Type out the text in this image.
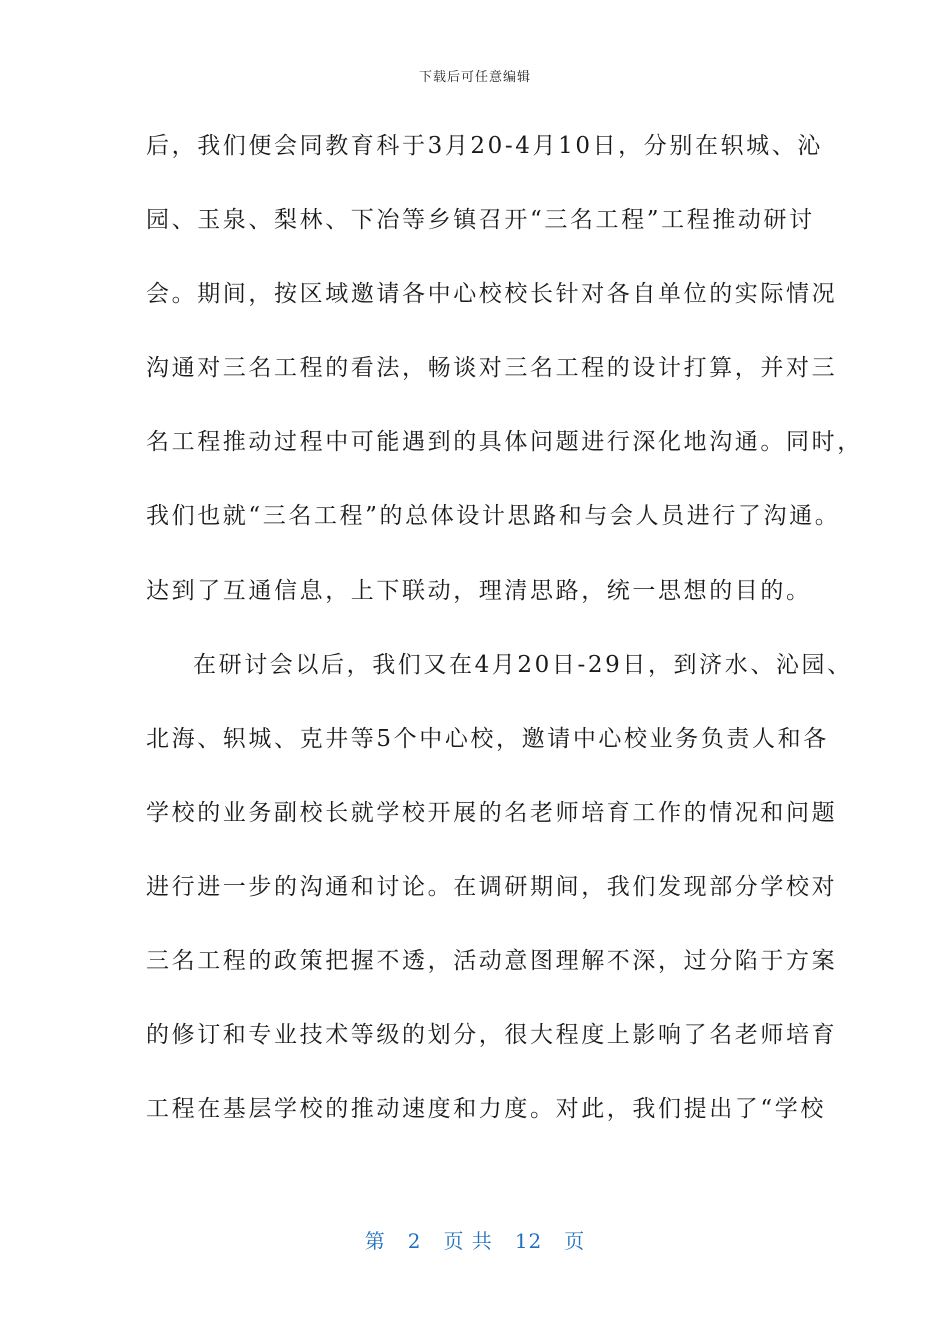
下载后可任意编辑
后，我们便会同教育科于3月20-4月10日，分别在轵城、沁
园、玉泉、梨林、下冶等乡镇召开“三名工程”工程推动研讨
会。期间，按区域邀请各中心校校长针对各自单位的实际情况
沟通对三名工程的看法，畅谈对三名工程的设计打算，并对三
名工程推动过程中可能遇到的具体问题进行深化地沟通。同时，
我们也就“三名工程”的总体设计思路和与会人员进行了沟通。
达到了互通信息，上下联动，理清思路，统一思想的目的。
在研讨会以后，我们又在4月20日-29日，到济水、沁园、
北海、轵城、克井等5个中心校，邀请中心校业务负责人和各
学校的业务副校长就学校开展的名老师培育工作的情况和问题
进行进一步的沟通和讨论。在调研期间，我们发现部分学校对
三名工程的政策把握不透，活动意图理解不深，过分陷于方案
的修订和专业技术等级的划分，很大程度上影响了名老师培育
工程在基层学校的推动速度和力度。对此，我们提出了“学校
第 2 页 共 12 页
